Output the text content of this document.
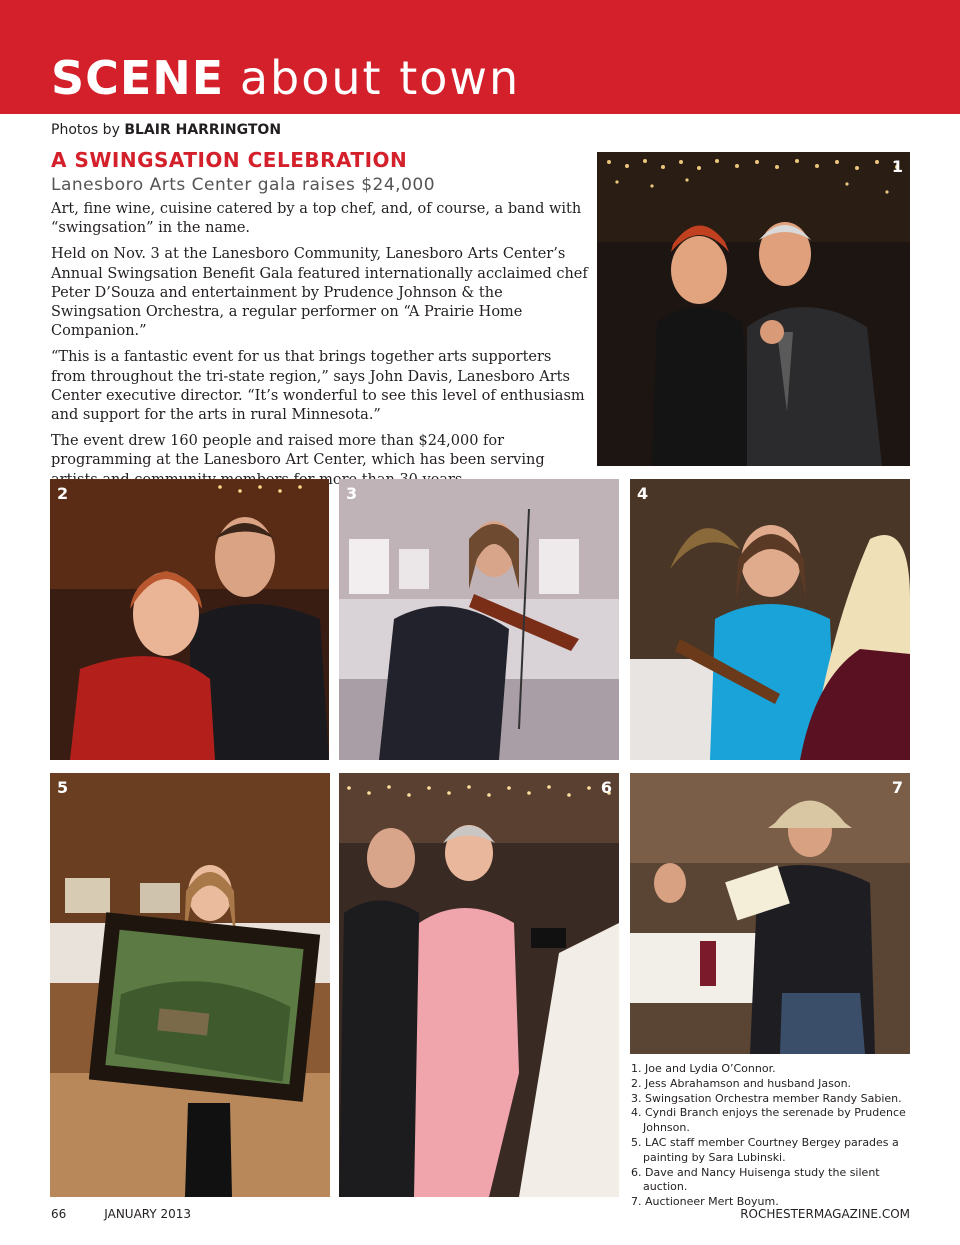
SCENE about town
Photos by BLAIR HARRINGTON
A SWINGSATION CELEBRATION
Lanesboro Arts Center gala raises $24,000

Art, fine wine, cuisine catered by a top chef, and, of course, a band with “swingsation” in the name.

Held on Nov. 3 at the Lanesboro Community, Lanesboro Arts Center’s Annual Swingsation Benefit Gala featured internationally acclaimed chef Peter D’Souza and entertainment by Prudence Johnson & the Swingsation Orchestra, a regular performer on “A Prairie Home Companion.”

“This is a fantastic event for us that brings together arts supporters from throughout the tri-state region,” says John Davis, Lanesboro Arts Center executive director. “It’s wonderful to see this level of enthusiasm and support for the arts in rural Minnesota.”

The event drew 160 people and raised more than $24,000 for programming at the Lanesboro Art Center, which has been serving more

1
2	3	4
5	6	7
1. Joe and Lydia O’Connor.
2. Jess Abrahamson and husband Jason.
3. Swingsation Orchestra member Randy Sabien.
4. Cyndi Branch enjoys the serenade by Prudence Johnson.
5. LAC staff member Courtney Bergey parades a painting by Sara Lubinski.
6. Dave and Nancy Huisenga study the silent auction.
7. Auctioneer Mert Boyum.
66	JANUARY 2013	ROCHESTERMAGAZINE.COM
